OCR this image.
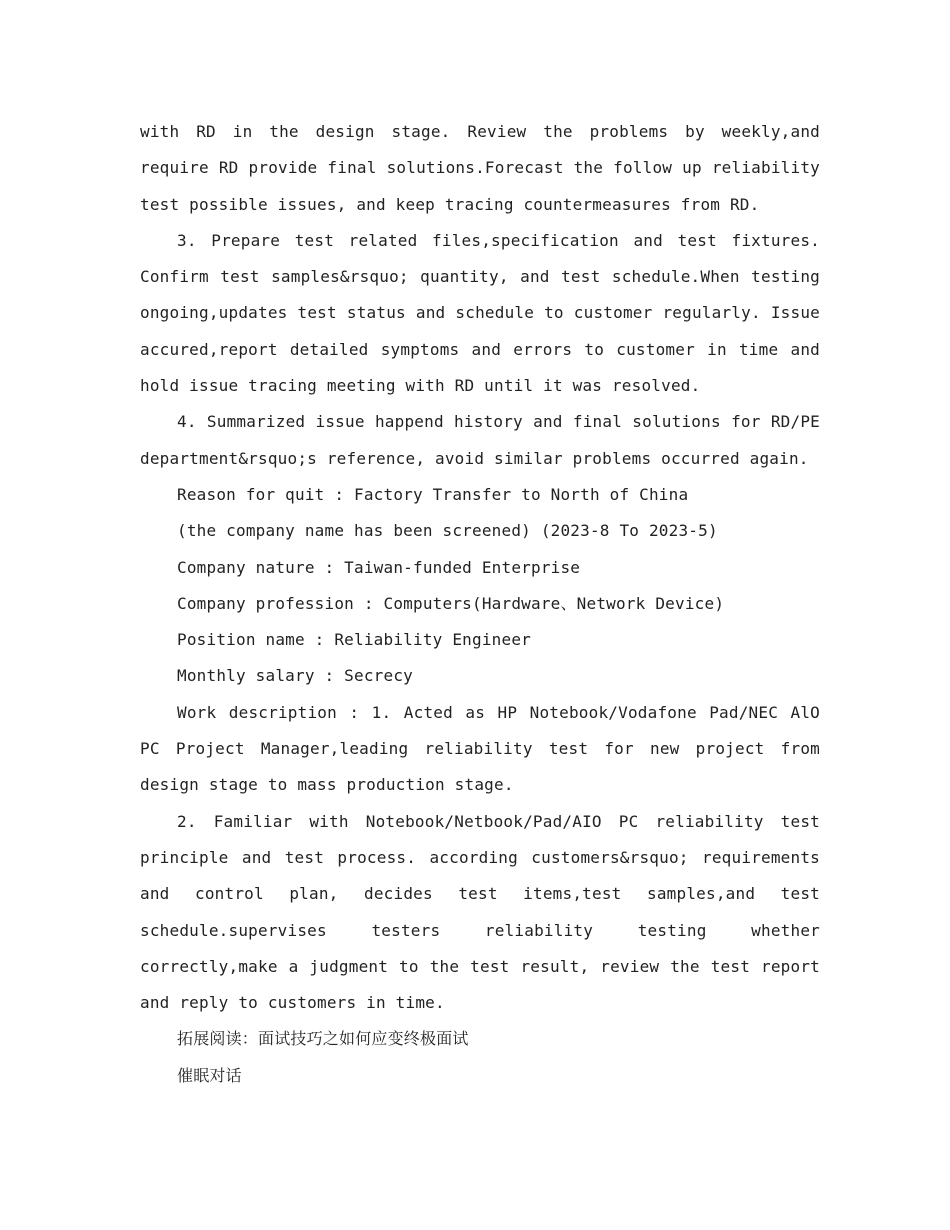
with RD in the design stage. Review the problems by weekly,and require RD provide final solutions.Forecast the follow up reliability test possible issues, and keep tracing countermeasures from RD.

3. Prepare test related files,specification and test fixtures. Confirm test samples&rsquo; quantity, and test schedule.When testing ongoing,updates test status and schedule to customer regularly. Issue accured,report detailed symptoms and errors to customer in time and hold issue tracing meeting with RD until it was resolved.

4. Summarized issue happend history and final solutions for RD/PE department&rsquo;s reference, avoid similar problems occurred again.

Reason for quit : Factory Transfer to North of China

(the company name has been screened) (2023-8 To 2023-5)

Company nature : Taiwan-funded Enterprise

Company profession : Computers(Hardware、Network Device)

Position name : Reliability Engineer

Monthly salary : Secrecy

Work description : 1. Acted as HP Notebook/Vodafone Pad/NEC AlO PC Project Manager,leading reliability test for new project from design stage to mass production stage.

2. Familiar with Notebook/Netbook/Pad/AIO PC reliability test principle and test process. according customers&rsquo; requirements and control plan, decides test items,test samples,and test schedule.supervises testers reliability testing whether correctly,make a judgment to the test result, review the test report and reply to customers in time.

拓展阅读：面试技巧之如何应变终极面试

催眠对话
